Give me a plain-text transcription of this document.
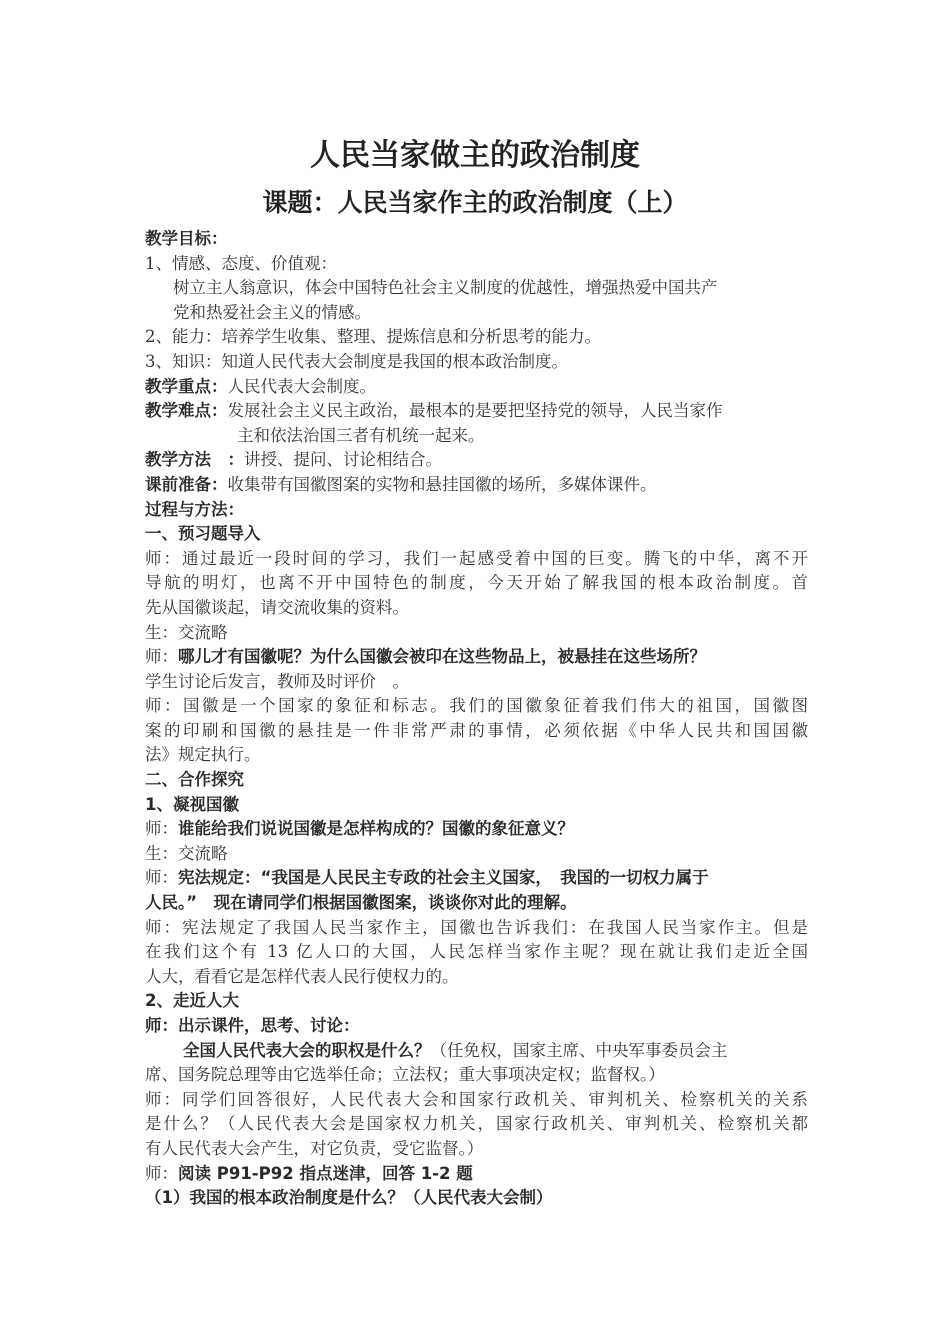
人民当家做主的政治制度
课题：人民当家作主的政治制度（上）
教学目标：
1、情感、态度、价值观：
树立主人翁意识，体会中国特色社会主义制度的优越性，增强热爱中国共产
党和热爱社会主义的情感。
2、能力：培养学生收集、整理、提炼信息和分析思考的能力。
3、知识：知道人民代表大会制度是我国的根本政治制度。
教学重点：人民代表大会制度。
教学难点：发展社会主义民主政治，最根本的是要把坚持党的领导，人民当家作
主和依法治国三者有机统一起来。
教学方法　：讲授、提问、讨论相结合。
课前准备：收集带有国徽图案的实物和悬挂国徽的场所，多媒体课件。
过程与方法：
一、预习题导入
师：通过最近一段时间的学习，我们一起感受着中国的巨变。腾飞的中华，离不开
导航的明灯，也离不开中国特色的制度，今天开始了解我国的根本政治制度。首
先从国徽谈起，请交流收集的资料。
生：交流略
师：哪儿才有国徽呢？为什么国徽会被印在这些物品上，被悬挂在这些场所？
学生讨论后发言，教师及时评价　。
师：国徽是一个国家的象征和标志。我们的国徽象征着我们伟大的祖国，国徽图
案的印刷和国徽的悬挂是一件非常严肃的事情，必须依据《中华人民共和国国徽
法》规定执行。
二、合作探究
1、凝视国徽
师：谁能给我们说说国徽是怎样构成的？国徽的象征意义？
生：交流略
师：宪法规定：“我国是人民民主专政的社会主义国家，　我国的一切权力属于
人民。”　现在请同学们根据国徽图案，谈谈你对此的理解。
师：宪法规定了我国人民当家作主，国徽也告诉我们：在我国人民当家作主。但是
在我们这个有 13 亿人口的大国，人民怎样当家作主呢？现在就让我们走近全国
人大，看看它是怎样代表人民行使权力的。
2、走近人大
师：出示课件，思考、讨论：
全国人民代表大会的职权是什么？（任免权，国家主席、中央军事委员会主
席、国务院总理等由它选举任命；立法权；重大事项决定权；监督权。）
师：同学们回答很好，人民代表大会和国家行政机关、审判机关、检察机关的关系
是什么？（人民代表大会是国家权力机关，国家行政机关、审判机关、检察机关都
有人民代表大会产生，对它负责，受它监督。）
师：阅读 P91-P92 指点迷津，回答 1-2 题
（1）我国的根本政治制度是什么？（人民代表大会制）
